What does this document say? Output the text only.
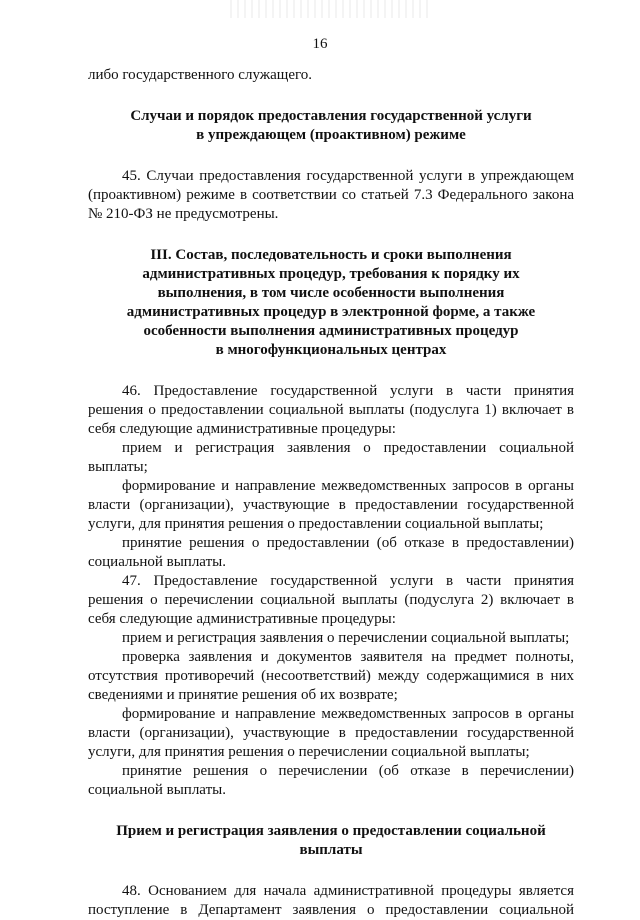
16

либо государственного служащего.

Случаи и порядок предоставления государственной услуги

в упреждающем (проактивном) режиме

45. Случаи предоставления государственной услуги в упреждающем (проактивном) режиме в соответствии со статьей 7.3 Федерального закона № 210-ФЗ не предусмотрены.

III. Состав, последовательность и сроки выполнения

административных процедур, требования к порядку их

выполнения, в том числе особенности выполнения

административных процедур в электронной форме, а также

особенности выполнения административных процедур

в многофункциональных центрах

46. Предоставление государственной услуги в части принятия решения о предоставлении социальной выплаты (подуслуга 1) включает в себя следующие административные процедуры:

прием и регистрация заявления о предоставлении социальной выплаты;

формирование и направление межведомственных запросов в органы власти (организации), участвующие в предоставлении государственной услуги, для принятия решения о предоставлении социальной выплаты;

принятие решения о предоставлении (об отказе в предоставлении) социальной выплаты.

47. Предоставление государственной услуги в части принятия решения о перечислении социальной выплаты (подуслуга 2) включает в себя следующие административные процедуры:

прием и регистрация заявления о перечислении социальной выплаты;

проверка заявления и документов заявителя на предмет полноты, отсутствия противоречий (несоответствий) между содержащимися в них сведениями и принятие решения об их возврате;

формирование и направление межведомственных запросов в органы власти (организации), участвующие в предоставлении государственной услуги, для принятия решения о перечислении социальной выплаты;

принятие решения о перечислении (об отказе в перечислении) социальной выплаты.

Прием и регистрация заявления о предоставлении социальной

выплаты

48. Основанием для начала административной процедуры является поступление в Департамент заявления о предоставлении социальной
